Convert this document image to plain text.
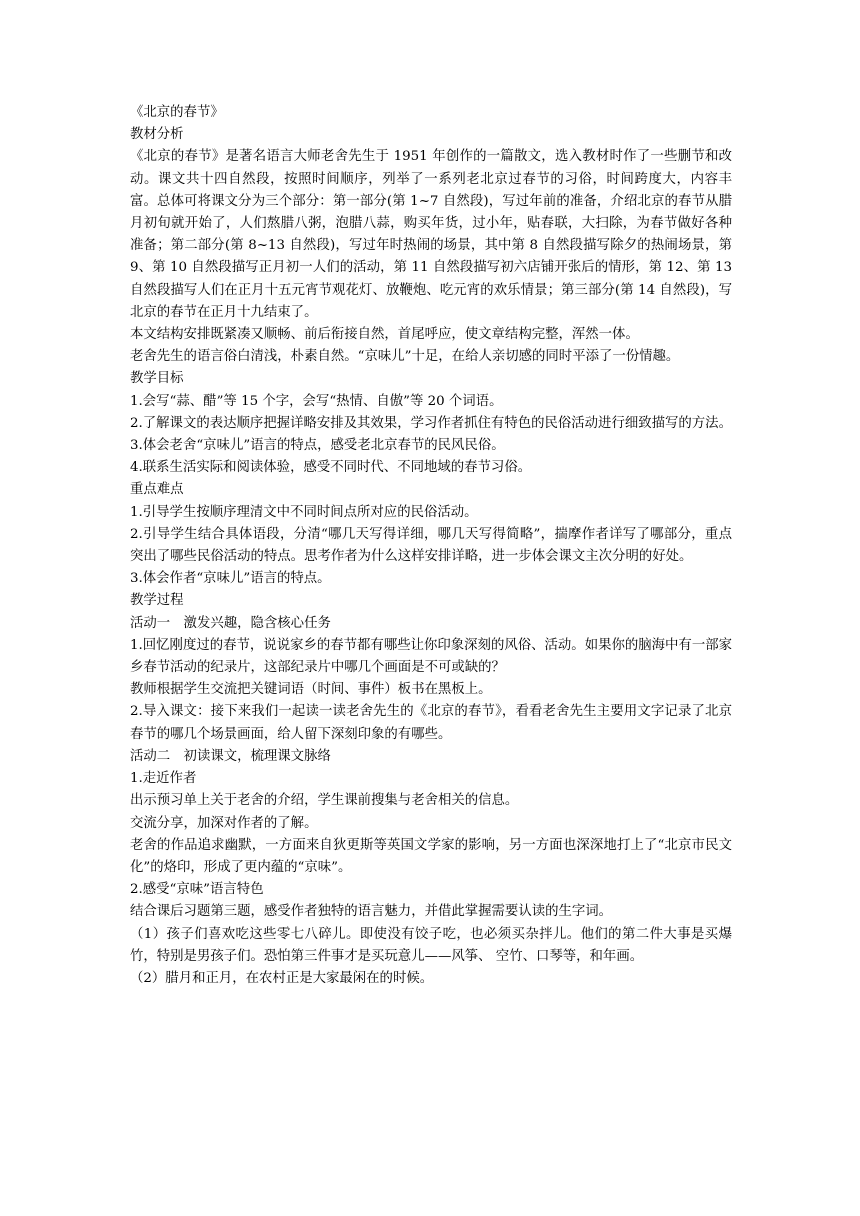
《北京的春节》

教材分析

《北京的春节》是著名语言大师老舍先生于 1951 年创作的一篇散文，选入教材时作了一些删节和改动。课文共十四自然段，按照时间顺序，列举了一系列老北京过春节的习俗，时间跨度大，内容丰富。总体可将课文分为三个部分：第一部分(第 1~7 自然段)，写过年前的准备，介绍北京的春节从腊月初旬就开始了，人们熬腊八粥，泡腊八蒜，购买年货，过小年，贴春联，大扫除，为春节做好各种准备；第二部分(第 8~13 自然段)，写过年时热闹的场景，其中第 8 自然段描写除夕的热闹场景，第 9、第 10 自然段描写正月初一人们的活动，第 11 自然段描写初六店铺开张后的情形，第 12、第 13 自然段描写人们在正月十五元宵节观花灯、放鞭炮、吃元宵的欢乐情景；第三部分(第 14 自然段)，写北京的春节在正月十九结束了。

本文结构安排既紧凑又顺畅、前后衔接自然，首尾呼应，使文章结构完整，浑然一体。

老舍先生的语言俗白清浅，朴素自然。“京味儿”十足，在给人亲切感的同时平添了一份情趣。

教学目标

1.会写“蒜、醋”等 15 个字，会写“热情、自傲”等 20 个词语。

2.了解课文的表达顺序把握详略安排及其效果，学习作者抓住有特色的民俗活动进行细致描写的方法。

3.体会老舍“京味儿”语言的特点，感受老北京春节的民风民俗。

4.联系生活实际和阅读体验，感受不同时代、不同地域的春节习俗。

重点难点

1.引导学生按顺序理清文中不同时间点所对应的民俗活动。

2.引导学生结合具体语段，分清“哪几天写得详细，哪几天写得简略”，揣摩作者详写了哪部分，重点突出了哪些民俗活动的特点。思考作者为什么这样安排详略，进一步体会课文主次分明的好处。

3.体会作者“京味儿”语言的特点。

教学过程

活动一　激发兴趣，隐含核心任务

1.回忆刚度过的春节，说说家乡的春节都有哪些让你印象深刻的风俗、活动。如果你的脑海中有一部家乡春节活动的纪录片，这部纪录片中哪几个画面是不可或缺的？

教师根据学生交流把关键词语（时间、事件）板书在黑板上。

2.导入课文：接下来我们一起读一读老舍先生的《北京的春节》，看看老舍先生主要用文字记录了北京春节的哪几个场景画面，给人留下深刻印象的有哪些。

活动二　初读课文，梳理课文脉络

1.走近作者

出示预习单上关于老舍的介绍，学生课前搜集与老舍相关的信息。

交流分享，加深对作者的了解。

老舍的作品追求幽默，一方面来自狄更斯等英国文学家的影响，另一方面也深深地打上了“北京市民文化”的烙印，形成了更内蕴的“京味”。

2.感受“京味”语言特色

结合课后习题第三题，感受作者独特的语言魅力，并借此掌握需要认读的生字词。

（1）孩子们喜欢吃这些零七八碎儿。即使没有饺子吃，也必须买杂拌儿。他们的第二件大事是买爆竹，特别是男孩子们。恐怕第三件事才是买玩意儿——风筝、 空竹、口琴等，和年画。

（2）腊月和正月，在农村正是大家最闲在的时候。
